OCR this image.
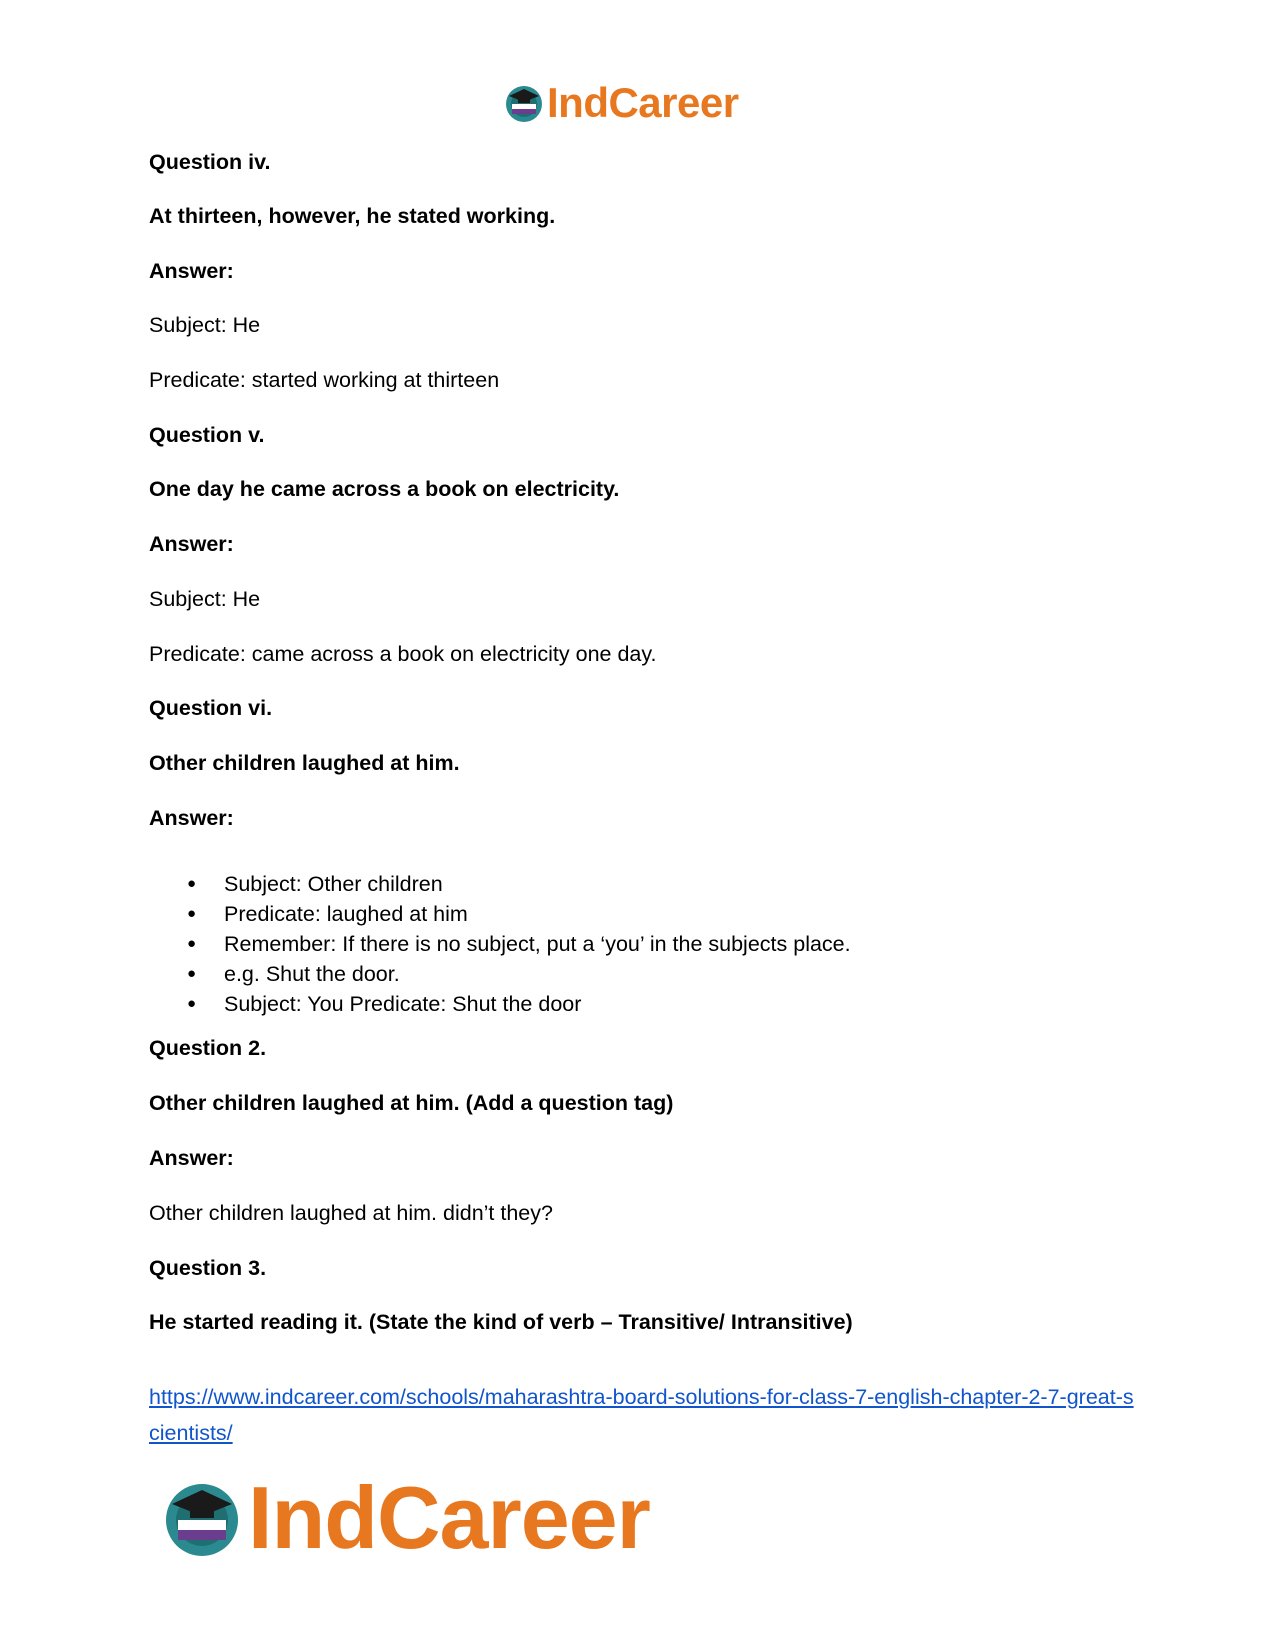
IndCareer
Question iv.
At thirteen, however, he stated working.
Answer:
Subject: He
Predicate: started working at thirteen
Question v.
One day he came across a book on electricity.
Answer:
Subject: He
Predicate: came across a book on electricity one day.
Question vi.
Other children laughed at him.
Answer:
● Subject: Other children
● Predicate: laughed at him
● Remember: If there is no subject, put a ‘you’ in the subjects place.
● e.g. Shut the door.
● Subject: You Predicate: Shut the door
Question 2.
Other children laughed at him. (Add a question tag)
Answer:
Other children laughed at him. didn’t they?
Question 3.
He started reading it. (State the kind of verb – Transitive/ Intransitive)
https://www.indcareer.com/schools/maharashtra-board-solutions-for-class-7-english-chapter-2-7-great-scientists/
IndCareer
